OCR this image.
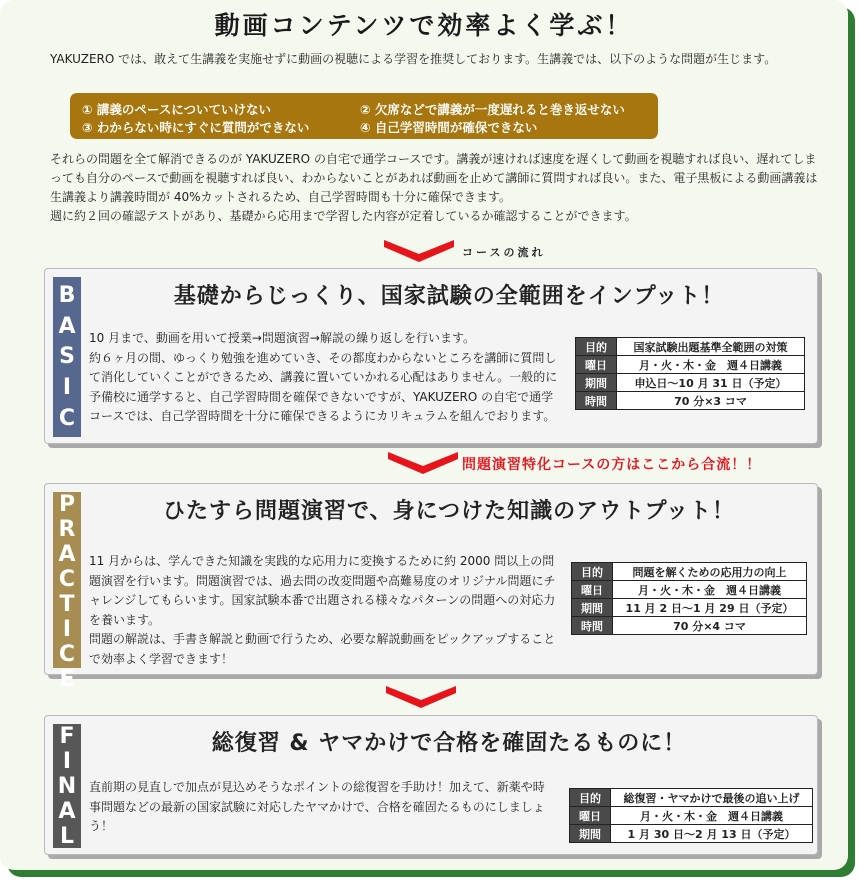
動画コンテンツで効率よく学ぶ！
YAKUZERO では、敢えて生講義を実施せずに動画の視聴による学習を推奨しております。生講義では、以下のような問題が生じます。
① 講義のペースについていけない	② 欠席などで講義が一度遅れると巻き返せない
③ わからない時にすぐに質問ができない	④ 自己学習時間が確保できない
それらの問題を全て解消できるのが YAKUZERO の自宅で通学コースです。講義が速ければ速度を遅くして動画を視聴すれば良い、遅れてしまっても自分のペースで動画を視聴すれば良い、わからないことがあれば動画を止めて講師に質問すれば良い。また、電子黒板による動画講義は生講義より講義時間が 40%カットされるため、自己学習時間も十分に確保できます。
週に約２回の確認テストがあり、基礎から応用まで学習した内容が定着しているか確認することができます。
コースの流れ
B
A
S
I
C
基礎からじっくり、国家試験の全範囲をインプット！
10 月まで、動画を用いて授業→問題演習→解説の繰り返しを行います。
約６ヶ月の間、ゆっくり勉強を進めていき、その都度わからないところを講師に質問して消化していくことができるため、講義に置いていかれる心配はありません。一般的に予備校に通学すると、自己学習時間を確保できないですが、YAKUZERO の自宅で通学コースでは、自己学習時間を十分に確保できるようにカリキュラムを組んでおります。
目的	国家試験出題基準全範囲の対策
曜日	月・火・木・金　週４日講義
期間	申込日〜10 月 31 日（予定）
時間	70 分×3 コマ
問題演習特化コースの方はここから合流！！
P
R
A
C
T
I
C
E
ひたすら問題演習で、身につけた知識のアウトプット！
11 月からは、学んできた知識を実践的な応用力に変換するために約 2000 問以上の問題演習を行います。問題演習では、過去問の改変問題や高難易度のオリジナル問題にチャレンジしてもらいます。国家試験本番で出題される様々なパターンの問題への対応力を養います。
問題の解説は、手書き解説と動画で行うため、必要な解説動画をピックアップすることで効率よく学習できます！
目的	問題を解くための応用力の向上
曜日	月・火・木・金　週４日講義
期間	11 月 2 日〜1 月 29 日（予定）
時間	70 分×4 コマ
F
I
N
A
L
総復習 & ヤマかけで合格を確固たるものに！
直前期の見直しで加点が見込めそうなポイントの総復習を手助け！加えて、新薬や時事問題などの最新の国家試験に対応したヤマかけで、合格を確固たるものにしましょう！
目的	総復習・ヤマかけで最後の追い上げ
曜日	月・火・木・金　週４日講義
期間	1 月 30 日〜2 月 13 日（予定）
